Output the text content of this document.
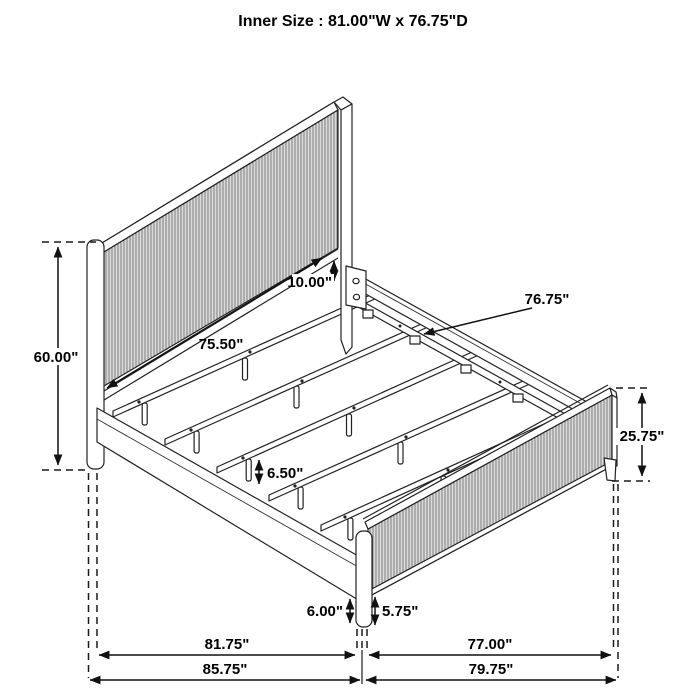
Inner Size : 81.00"W x 76.75"D
60.00"
75.50"
10.00"
76.75"
25.75"
6.50"
6.00"	5.75"
81.75"	77.00"
85.75"	79.75"
